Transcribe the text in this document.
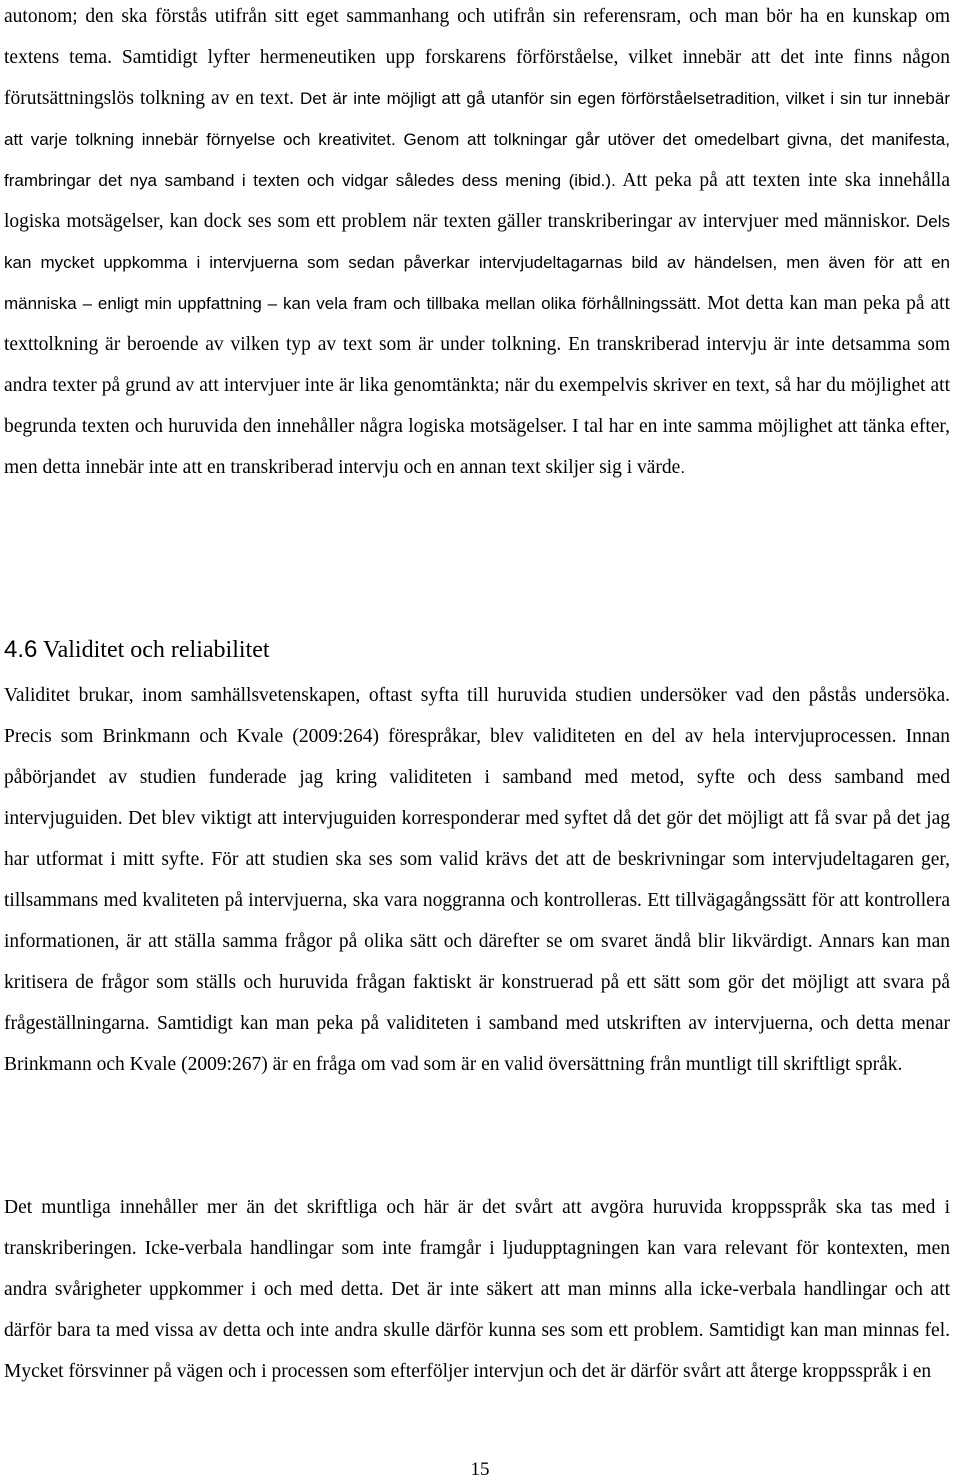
autonom; den ska förstås utifrån sitt eget sammanhang och utifrån sin referensram, och man bör ha en kunskap om textens tema. Samtidigt lyfter hermeneutiken upp forskarens förförståelse, vilket innebär att det inte finns någon förutsättningslös tolkning av en text. Det är inte möjligt att gå utanför sin egen förförståelsetradition, vilket i sin tur innebär att varje tolkning innebär förnyelse och kreativitet. Genom att tolkningar går utöver det omedelbart givna, det manifesta, frambringar det nya samband i texten och vidgar således dess mening (ibid.). Att peka på att texten inte ska innehålla logiska motsägelser, kan dock ses som ett problem när texten gäller transkriberingar av intervjuer med människor. Dels kan mycket uppkomma i intervjuerna som sedan påverkar intervjudeltagarnas bild av händelsen, men även för att en människa – enligt min uppfattning – kan vela fram och tillbaka mellan olika förhållningssätt. Mot detta kan man peka på att texttolkning är beroende av vilken typ av text som är under tolkning. En transkriberad intervju är inte detsamma som andra texter på grund av att intervjuer inte är lika genomtänkta; när du exempelvis skriver en text, så har du möjlighet att begrunda texten och huruvida den innehåller några logiska motsägelser. I tal har en inte samma möjlighet att tänka efter, men detta innebär inte att en transkriberad intervju och en annan text skiljer sig i värde.

4.6 Validitet och reliabilitet

Validitet brukar, inom samhällsvetenskapen, oftast syfta till huruvida studien undersöker vad den påstås undersöka. Precis som Brinkmann och Kvale (2009:264) förespråkar, blev validiteten en del av hela intervjuprocessen. Innan påbörjandet av studien funderade jag kring validiteten i samband med metod, syfte och dess samband med intervjuguiden. Det blev viktigt att intervjuguiden korresponderar med syftet då det gör det möjligt att få svar på det jag har utformat i mitt syfte. För att studien ska ses som valid krävs det att de beskrivningar som intervjudeltagaren ger, tillsammans med kvaliteten på intervjuerna, ska vara noggranna och kontrolleras. Ett tillvägagångssätt för att kontrollera informationen, är att ställa samma frågor på olika sätt och därefter se om svaret ändå blir likvärdigt. Annars kan man kritisera de frågor som ställs och huruvida frågan faktiskt är konstruerad på ett sätt som gör det möjligt att svara på frågeställningarna. Samtidigt kan man peka på validiteten i samband med utskriften av intervjuerna, och detta menar Brinkmann och Kvale (2009:267) är en fråga om vad som är en valid översättning från muntligt till skriftligt språk.

Det muntliga innehåller mer än det skriftliga och här är det svårt att avgöra huruvida kroppsspråk ska tas med i transkriberingen. Icke-verbala handlingar som inte framgår i ljudupptagningen kan vara relevant för kontexten, men andra svårigheter uppkommer i och med detta. Det är inte säkert att man minns alla icke-verbala handlingar och att därför bara ta med vissa av detta och inte andra skulle därför kunna ses som ett problem. Samtidigt kan man minnas fel. Mycket försvinner på vägen och i processen som efterföljer intervjun och det är därför svårt att återge kroppsspråk i en

15
